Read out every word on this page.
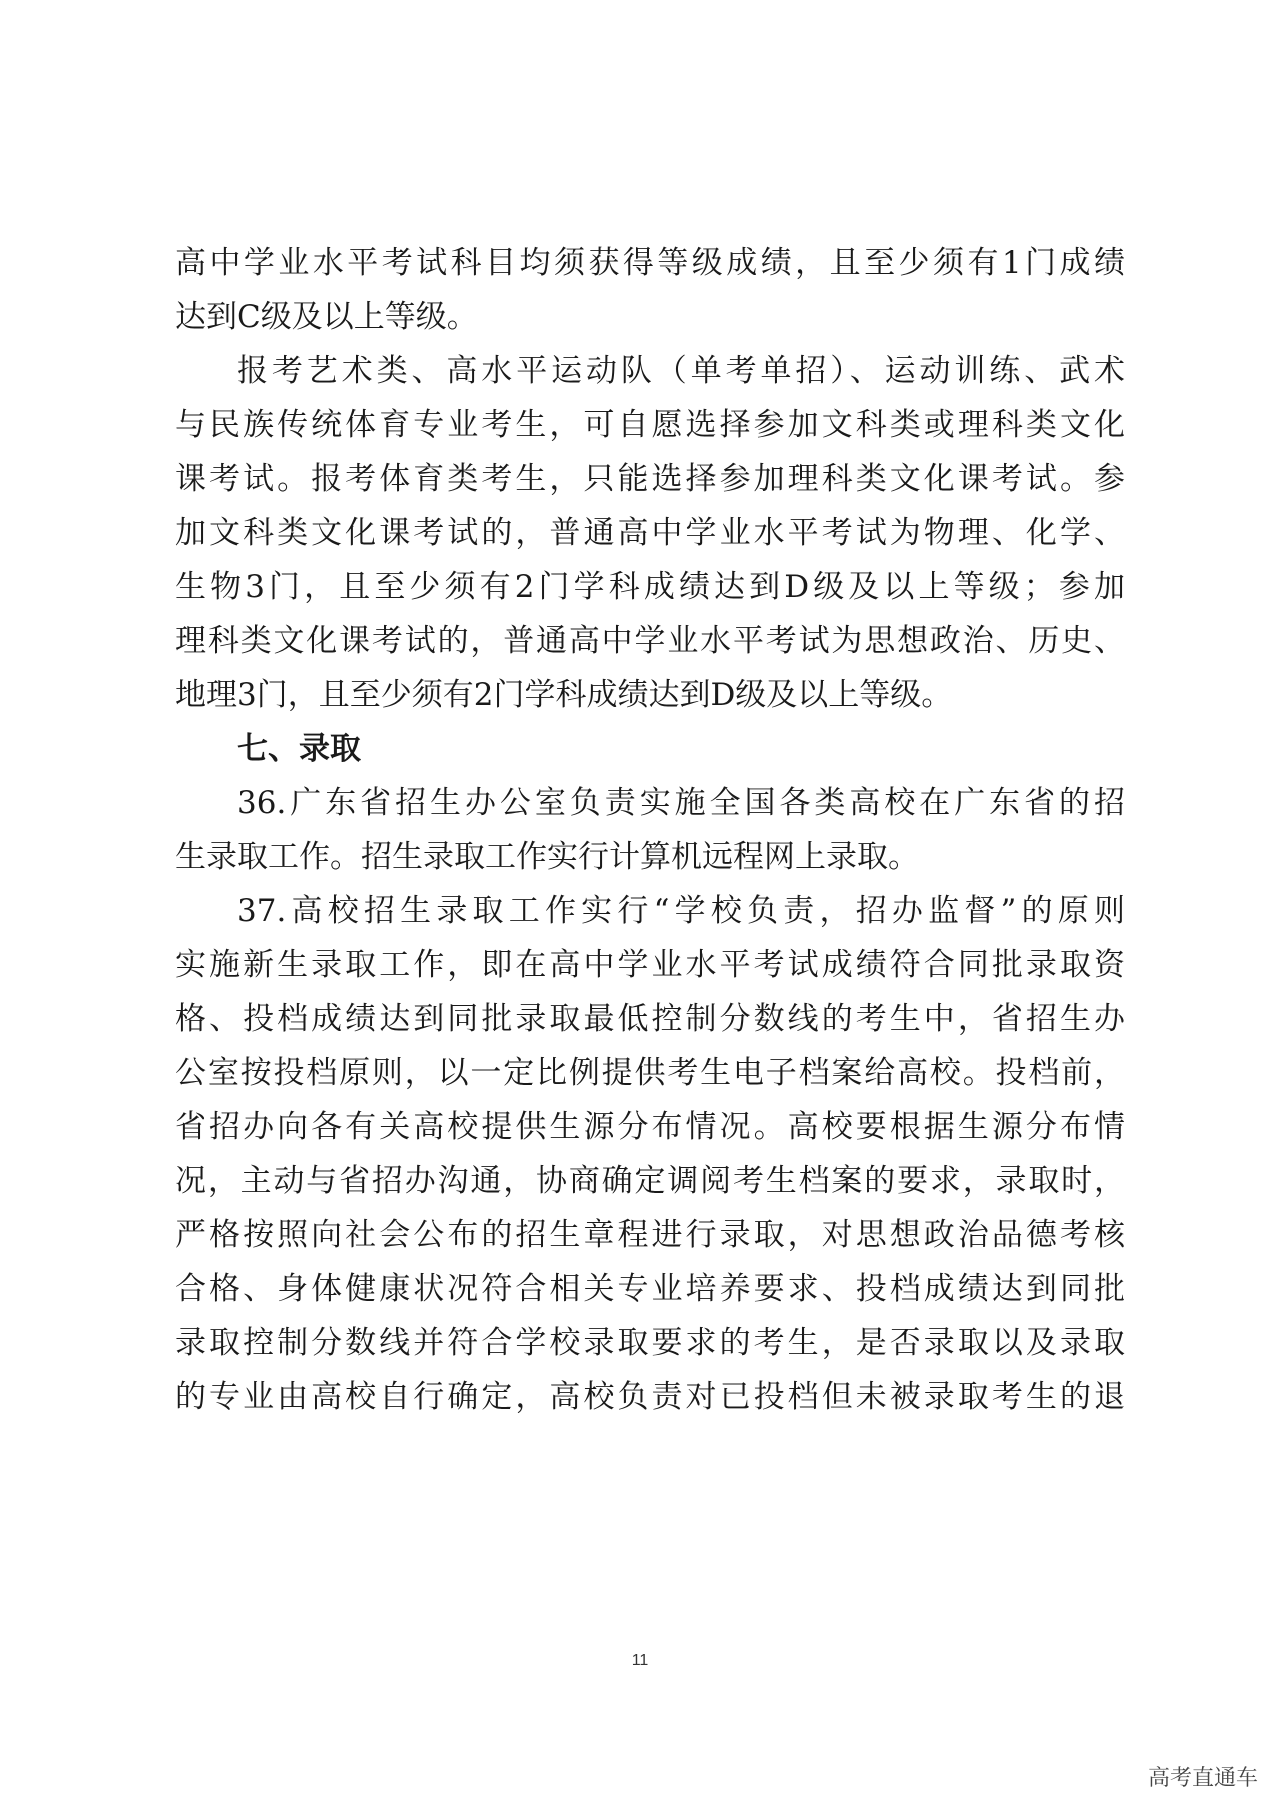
高中学业水平考试科目均须获得等级成绩，且至少须有1门成绩
达到C级及以上等级。
报考艺术类、高水平运动队（单考单招）、运动训练、武术
与民族传统体育专业考生，可自愿选择参加文科类或理科类文化
课考试。报考体育类考生，只能选择参加理科类文化课考试。参
加文科类文化课考试的，普通高中学业水平考试为物理、化学、
生物3门，且至少须有2门学科成绩达到D级及以上等级；参加
理科类文化课考试的，普通高中学业水平考试为思想政治、历史、
地理3门，且至少须有2门学科成绩达到D级及以上等级。
七、录取
36.广东省招生办公室负责实施全国各类高校在广东省的招
生录取工作。招生录取工作实行计算机远程网上录取。
37.高校招生录取工作实行“学校负责，招办监督”的原则
实施新生录取工作，即在高中学业水平考试成绩符合同批录取资
格、投档成绩达到同批录取最低控制分数线的考生中，省招生办
公室按投档原则，以一定比例提供考生电子档案给高校。投档前，
省招办向各有关高校提供生源分布情况。高校要根据生源分布情
况，主动与省招办沟通，协商确定调阅考生档案的要求，录取时，
严格按照向社会公布的招生章程进行录取，对思想政治品德考核
合格、身体健康状况符合相关专业培养要求、投档成绩达到同批
录取控制分数线并符合学校录取要求的考生，是否录取以及录取
的专业由高校自行确定，高校负责对已投档但未被录取考生的退
11
高考直通车
